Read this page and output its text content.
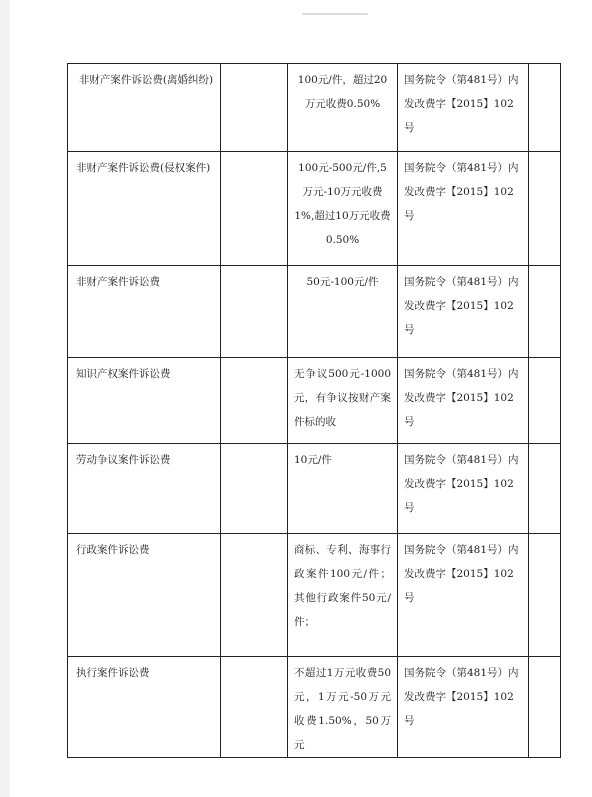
非财产案件诉讼费(离婚纠纷)		100元/件，超过20万元收费0.50%	国务院令（第481号）内发改费字【2015】102号	
非财产案件诉讼费(侵权案件)		100元-500元/件,5万元-10万元收费1%,超过10万元收费0.50%	国务院令（第481号）内发改费字【2015】102号	
非财产案件诉讼费		50元-100元/件	国务院令（第481号）内发改费字【2015】102号	
知识产权案件诉讼费		无争议500元-1000元，有争议按财产案件标的收	国务院令（第481号）内发改费字【2015】102号	
劳动争议案件诉讼费		10元/件	国务院令（第481号）内发改费字【2015】102号	
行政案件诉讼费		商标、专利、海事行政案件100元/件；其他行政案件50元/件；	国务院令（第481号）内发改费字【2015】102号	
执行案件诉讼费		不超过1万元收费50元，1万元-50万元收费1.50%，50万元	国务院令（第481号）内发改费字【2015】102号	
